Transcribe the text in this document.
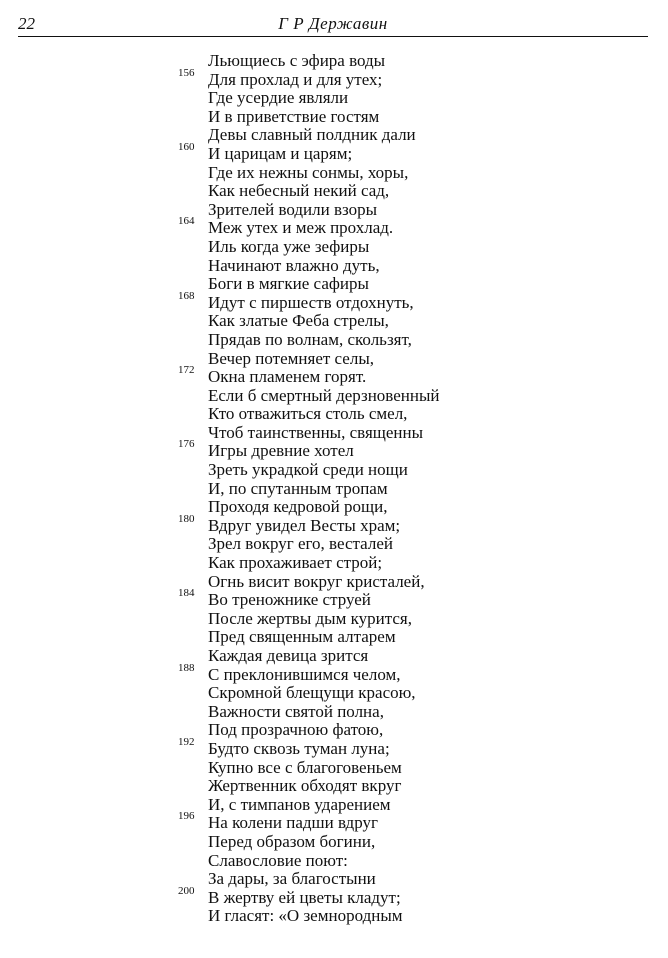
22	Г Р Державин
Льющиесь с эфира воды
156 Для прохлад и для утех;
Где усердие являли
И в приветствие гостям
Девы славный полдник дали
160 И царицам и царям;
Где их нежны сонмы, хоры,
Как небесный некий сад,
Зрителей водили взоры
164 Меж утех и меж прохлад.
Иль когда уже зефиры
Начинают влажно дуть,
Боги в мягкие сафиры
168 Идут с пиршеств отдохнуть,
Как златые Феба стрелы,
Прядав по волнам, скользят,
Вечер потемняет селы,
172 Окна пламенем горят.
Если б смертный дерзновенный
Кто отважиться столь смел,
Чтоб таинственны, священны
176 Игры древние хотел
Зреть украдкой среди нощи
И, по спутанным тропам
Проходя кедровой рощи,
180 Вдруг увидел Весты храм;
Зрел вокруг его, весталей
Как прохаживает строй;
Огнь висит вокруг кристалей,
184 Во треножнике струей
После жертвы дым курится,
Пред священным алтарем
Каждая девица зрится
188 С преклонившимся челом,
Скромной блещущи красою,
Важности святой полна,
Под прозрачною фатою,
192 Будто сквозь туман луна;
Купно все с благоговеньем
Жертвенник обходят вкруг
И, с тимпанов ударением
196 На колени падши вдруг
Перед образом богини,
Славословие поют:
За дары, за благостыни
200 В жертву ей цветы кладут;
И гласят: «О земнородным
